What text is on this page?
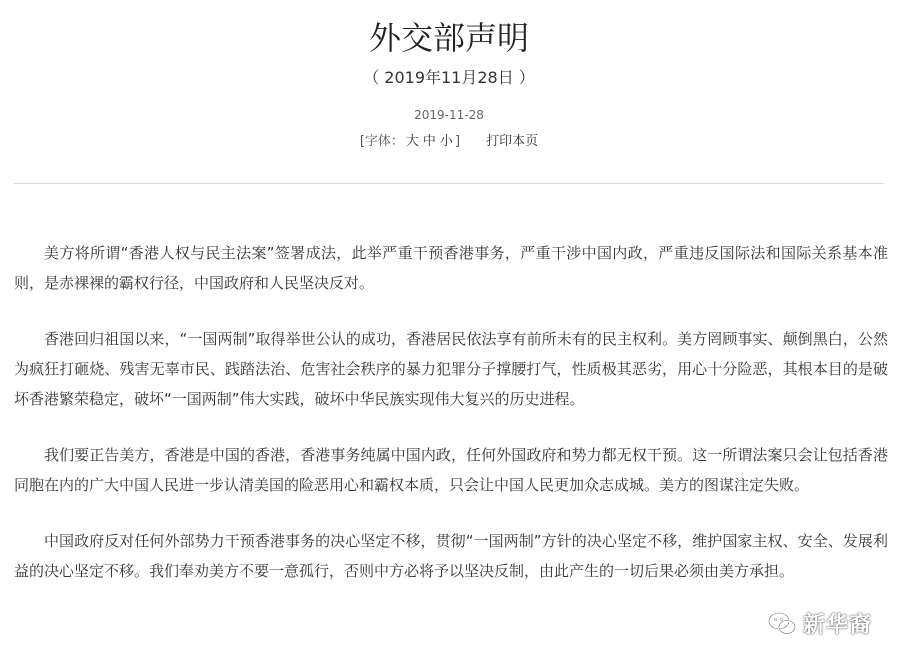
外交部声明
（ 2019年11月28日 ）
2019-11-28
[字体： 大 中 小 ] 打印本页

美方将所谓“香港人权与民主法案”签署成法，此举严重干预香港事务，严重干涉中国内政，严重违反国际法和国际关系基本准则，是赤裸裸的霸权行径，中国政府和人民坚决反对。

香港回归祖国以来，“一国两制”取得举世公认的成功，香港居民依法享有前所未有的民主权利。美方罔顾事实、颠倒黑白，公然为疯狂打砸烧、残害无辜市民、践踏法治、危害社会秩序的暴力犯罪分子撑腰打气，性质极其恶劣，用心十分险恶，其根本目的是破坏香港繁荣稳定，破坏“一国两制”伟大实践，破坏中华民族实现伟大复兴的历史进程。

我们要正告美方，香港是中国的香港，香港事务纯属中国内政，任何外国政府和势力都无权干预。这一所谓法案只会让包括香港同胞在内的广大中国人民进一步认清美国的险恶用心和霸权本质，只会让中国人民更加众志成城。美方的图谋注定失败。

中国政府反对任何外部势力干预香港事务的决心坚定不移，贯彻“一国两制”方针的决心坚定不移，维护国家主权、安全、发展利益的决心坚定不移。我们奉劝美方不要一意孤行，否则中方必将予以坚决反制，由此产生的一切后果必须由美方承担。

新华裔
